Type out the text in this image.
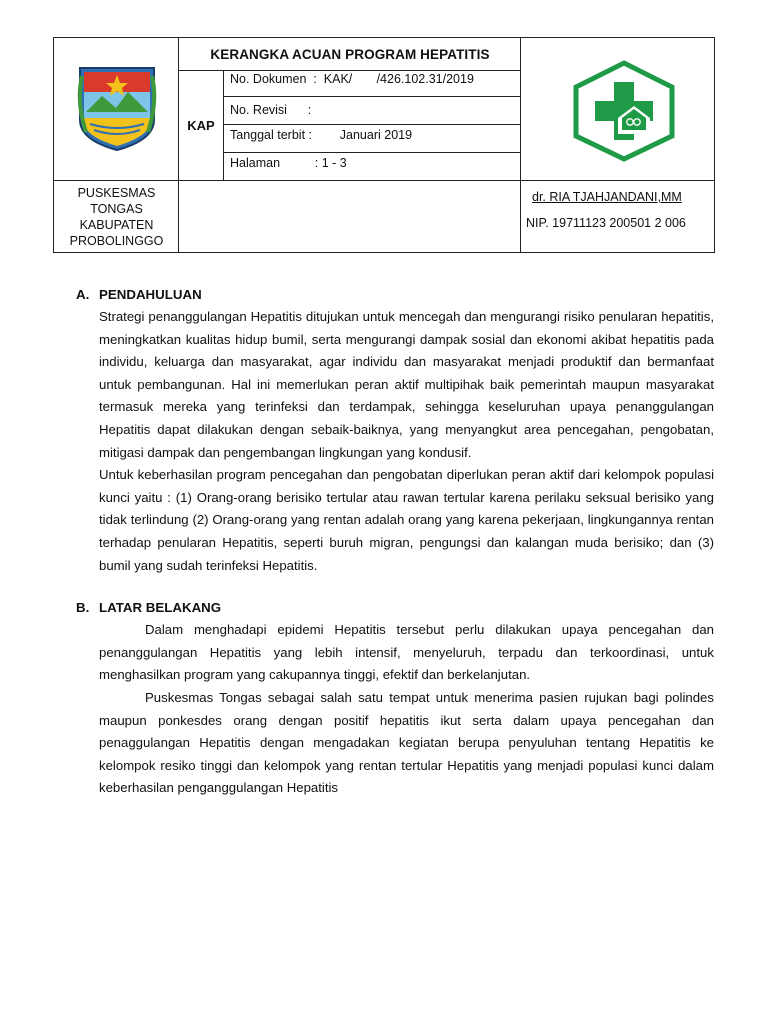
KERANGKA ACUAN PROGRAM HEPATITIS
KAP
No. Dokumen  :  KAK/       /426.102.31/2019
No. Revisi      :
Tanggal terbit :        Januari 2019
Halaman          : 1 - 3
PUSKESMAS
TONGAS
KABUPATEN
PROBOLINGGO
dr. RIA TJAHJANDANI,MM
NIP. 19711123 200501 2 006
A. PENDAHULUAN

Strategi penanggulangan Hepatitis ditujukan untuk mencegah dan mengurangi risiko penularan hepatitis, meningkatkan kualitas hidup bumil, serta mengurangi dampak sosial dan ekonomi akibat hepatitis pada individu, keluarga dan masyarakat, agar individu dan masyarakat menjadi produktif dan bermanfaat untuk pembangunan. Hal ini memerlukan peran aktif multipihak baik pemerintah maupun masyarakat termasuk mereka yang terinfeksi dan terdampak, sehingga keseluruhan upaya penanggulangan Hepatitis dapat dilakukan dengan sebaik-baiknya, yang menyangkut area pencegahan, pengobatan, mitigasi dampak dan pengembangan lingkungan yang kondusif.

Untuk keberhasilan program pencegahan dan pengobatan diperlukan peran aktif dari kelompok populasi kunci yaitu : (1) Orang-orang berisiko tertular atau rawan tertular karena perilaku seksual berisiko yang tidak terlindung (2) Orang-orang yang rentan adalah orang yang karena pekerjaan, lingkungannya rentan terhadap penularan Hepatitis, seperti buruh migran, pengungsi dan kalangan muda berisiko; dan (3) bumil yang sudah terinfeksi Hepatitis.

B. LATAR BELAKANG

Dalam menghadapi epidemi Hepatitis tersebut perlu dilakukan upaya pencegahan dan penanggulangan Hepatitis yang lebih intensif, menyeluruh, terpadu dan terkoordinasi, untuk menghasilkan program yang cakupannya tinggi, efektif dan berkelanjutan.

Puskesmas Tongas sebagai salah satu tempat untuk menerima pasien rujukan bagi polindes maupun ponkesdes orang dengan positif hepatitis ikut serta dalam upaya pencegahan dan penaggulangan Hepatitis dengan mengadakan kegiatan berupa penyuluhan tentang Hepatitis ke kelompok resiko tinggi dan kelompok yang rentan tertular Hepatitis yang menjadi populasi kunci dalam keberhasilan penganggulangan Hepatitis
